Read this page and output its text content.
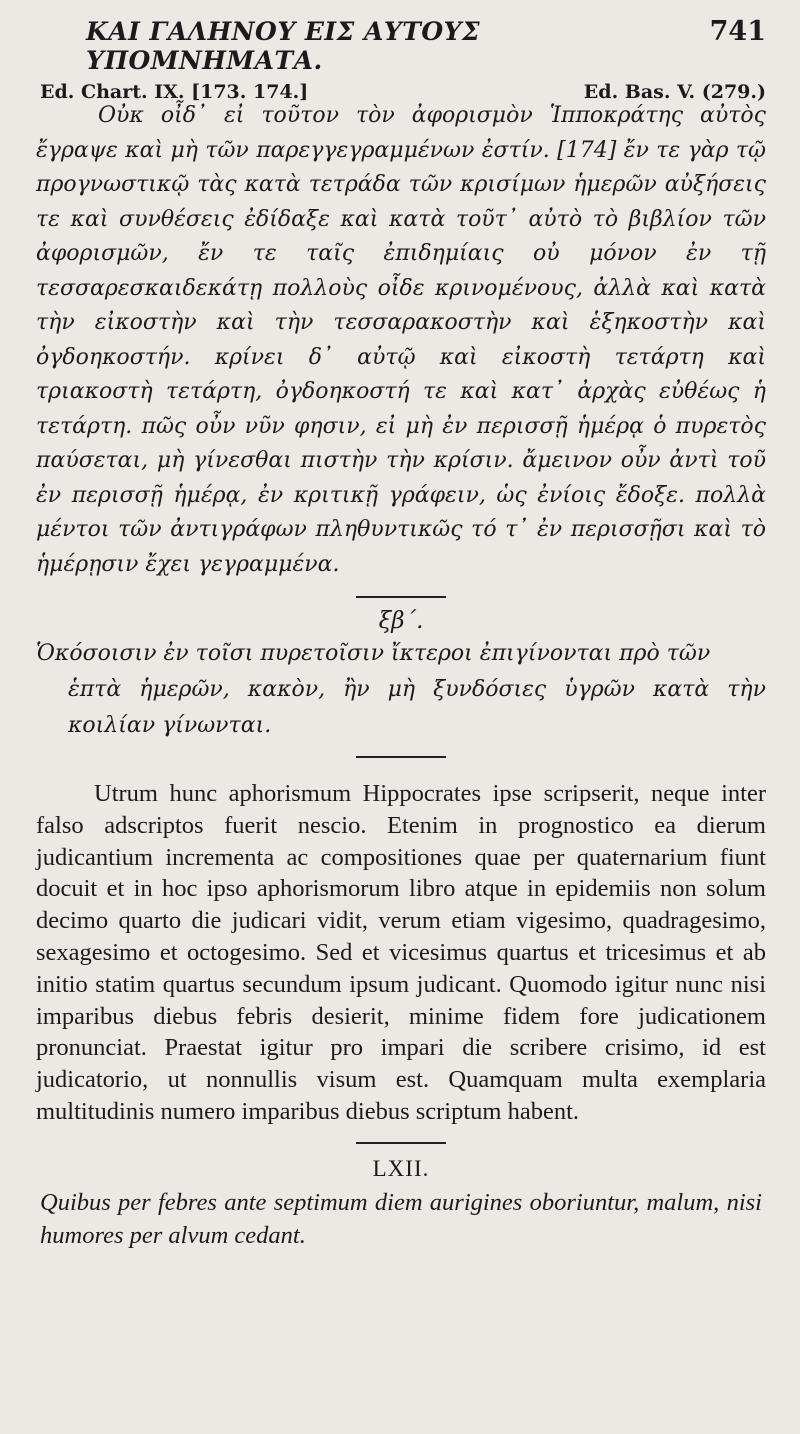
ΚΑΙ ΓΑΛΗΝΟΥ ΕΙΣ ΑΥΤΟΥΣ ΥΠΟΜΝΗΜΑΤΑ.
741
Ed. Chart. IX. [173. 174.]	Ed. Bas. V. (279.)

Οὐκ οἶδ᾽ εἰ τοῦτον τὸν ἀφορισμὸν Ἱπποκράτης αὐτὸς ἔγραψε καὶ μὴ τῶν παρεγγεγραμμένων ἐστίν. [174] ἔν τε γὰρ τῷ προγνωστικῷ τὰς κατὰ τετράδα τῶν κρισίμων ἡμερῶν αὐξήσεις τε καὶ συνθέσεις ἐδίδαξε καὶ κατὰ τοῦτ᾽ αὐτὸ τὸ βιβλίον τῶν ἀφορισμῶν, ἔν τε ταῖς ἐπιδημίαις οὐ μόνον ἐν τῇ τεσσαρεσκαιδεκάτῃ πολλοὺς οἶδε κρινομένους, ἀλλὰ καὶ κατὰ τὴν εἰκοστὴν καὶ τὴν τεσσαρακοστὴν καὶ ἑξηκοστὴν καὶ ὀγδοηκοστήν. κρίνει δ᾽ αὐτῷ καὶ εἰκοστὴ τετάρτη καὶ τριακοστὴ τετάρτη, ὀγδοηκοστή τε καὶ κατ᾽ ἀρχὰς εὐθέως ἡ τετάρτη. πῶς οὖν νῦν φησιν, εἰ μὴ ἐν περισσῇ ἡμέρᾳ ὁ πυρετὸς παύσεται, μὴ γίνεσθαι πιστὴν τὴν κρίσιν. ἄμεινον οὖν ἀντὶ τοῦ ἐν περισσῇ ἡμέρᾳ, ἐν κριτικῇ γράφειν, ὡς ἐνίοις ἔδοξε. πολλὰ μέντοι τῶν ἀντιγράφων πληθυντικῶς τό τ᾽ ἐν περισσῇσι καὶ τὸ ἡμέρῃσιν ἔχει γεγραμμένα.

ξβ΄.

Ὁκόσοισιν ἐν τοῖσι πυρετοῖσιν ἴκτεροι ἐπιγίνονται πρὸ τῶν
ἑπτὰ ἡμερῶν, κακὸν, ἢν μὴ ξυνδόσιες ὑγρῶν κατὰ τὴν κοιλίαν γίνωνται.

Utrum hunc aphorismum Hippocrates ipse scripserit, neque inter falso adscriptos fuerit nescio. Etenim in prognostico ea dierum judicantium incrementa ac compositiones quae per quaternarium fiunt docuit et in hoc ipso aphorismorum libro atque in epidemiis non solum decimo quarto die judicari vidit, verum etiam vigesimo, quadragesimo, sexagesimo et octogesimo. Sed et vicesimus quartus et tricesimus et ab initio statim quartus secundum ipsum judicant. Quomodo igitur nunc nisi imparibus diebus febris desierit, minime fidem fore judicationem pronunciat. Praestat igitur pro impari die scribere crisimo, id est judicatorio, ut nonnullis visum est. Quamquam multa exemplaria multitudinis numero imparibus diebus scriptum habent.

LXII.

Quibus per febres ante septimum diem aurigines oboriuntur, malum, nisi humores per alvum cedant.
